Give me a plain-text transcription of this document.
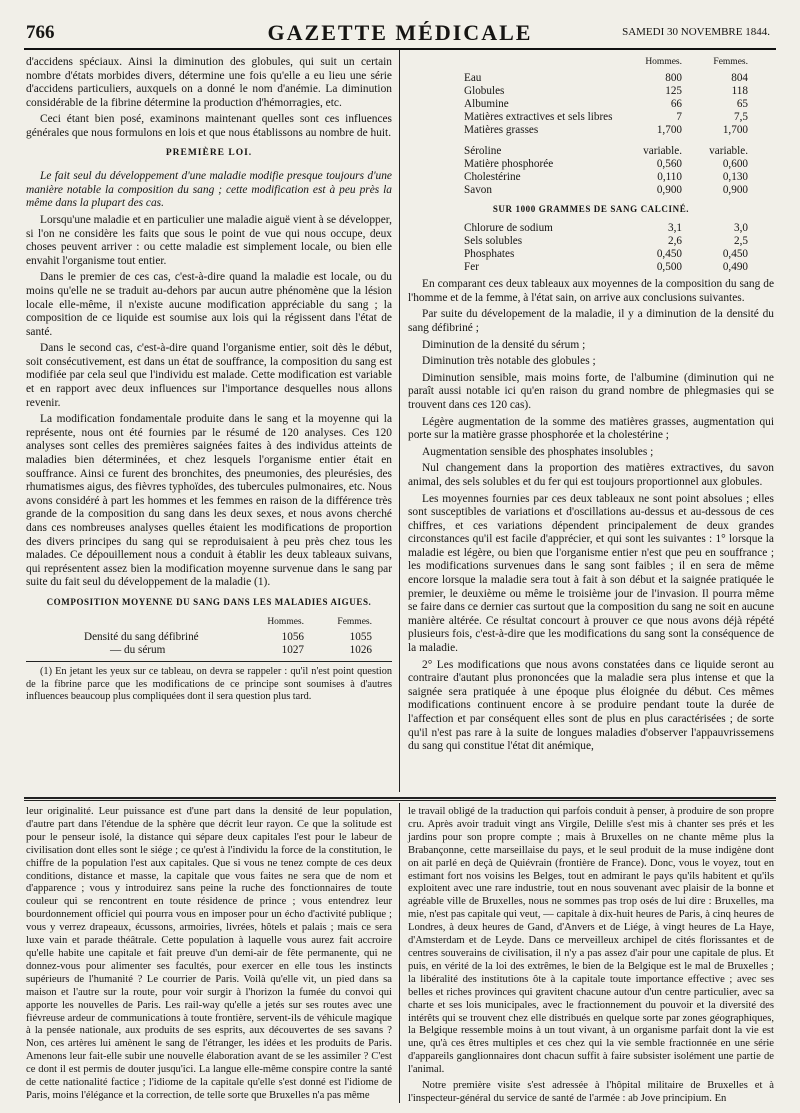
766	GAZETTE MÉDICALE	SAMEDI 30 NOVEMBRE 1844.

d'accidens spéciaux. Ainsi la diminution des globules, qui suit un certain nombre d'états morbides divers, détermine une fois qu'elle a eu lieu une série d'accidens particuliers, auxquels on a donné le nom d'anémie. La diminution considérable de la fibrine détermine la production d'hémorragies, etc.

Ceci étant bien posé, examinons maintenant quelles sont ces influences générales que nous formulons en lois et que nous établissons au nombre de huit.

PREMIÈRE LOI.

Le fait seul du développement d'une maladie modifie presque toujours d'une manière notable la composition du sang ; cette modification est à peu près la même dans la plupart des cas.

Lorsqu'une maladie et en particulier une maladie aiguë vient à se développer, si l'on ne considère les faits que sous le point de vue qui nous occupe, deux choses peuvent arriver : ou cette maladie est simplement locale, ou bien elle envahit l'organisme tout entier.

Dans le premier de ces cas, c'est-à-dire quand la maladie est locale, ou du moins qu'elle ne se traduit au-dehors par aucun autre phénomène que la lésion locale elle-même, il n'existe aucune modification appréciable du sang ; la composition de ce liquide est soumise aux lois qui la régissent dans l'état de santé.

Dans le second cas, c'est-à-dire quand l'organisme entier, soit dès le début, soit consécutivement, est dans un état de souffrance, la composition du sang est modifiée par cela seul que l'individu est malade. Cette modification est variable et en rapport avec deux influences sur l'importance desquelles nous allons revenir.

La modification fondamentale produite dans le sang et la moyenne qui la représente, nous ont été fournies par le résumé de 120 analyses. Ces 120 analyses sont celles des premières saignées faites à des individus atteints de maladies bien déterminées, et chez lesquels l'organisme entier était en souffrance. Ainsi ce furent des bronchites, des pneumonies, des pleurésies, des rhumatismes aigus, des fièvres typhoïdes, des tubercules pulmonaires, etc. Nous avons considéré à part les hommes et les femmes en raison de la différence très grande de la composition du sang dans les deux sexes, et nous avons cherché dans ces nombreuses analyses quelles étaient les modifications de proportion des divers principes du sang qui se reproduisaient à peu près chez tous les malades. Ce dépouillement nous a conduit à établir les deux tableaux suivans, qui représentent assez bien la modification moyenne survenue dans le sang par suite du fait seul du développement de la maladie (1).

COMPOSITION MOYENNE DU SANG DANS LES MALADIES AIGUES.
	Hommes.	Femmes.
Densité du sang défibriné	1056	1055
— du sérum	1027	1026

(1) En jetant les yeux sur ce tableau, on devra se rappeler : qu'il n'est point question de la fibrine parce que les modifications de ce principe sont soumises à d'autres influences beaucoup plus compliquées dont il sera question plus tard.

	Hommes.	Femmes.
Eau	800	804
Globules	125	118
Albumine	66	65
Matières extractives et sels libres	7	7,5
Matières grasses	1,700	1,700
Séroline	variable.	variable.
Matière phosphorée	0,560	0,600
Cholestérine	0,110	0,130
Savon	0,900	0,900
SUR 1000 GRAMMES DE SANG CALCINÉ.
Chlorure de sodium	3,1	3,0
Sels solubles	2,6	2,5
Phosphates	0,450	0,450
Fer	0,500	0,490

En comparant ces deux tableaux aux moyennes de la composition du sang de l'homme et de la femme, à l'état sain, on arrive aux conclusions suivantes.

Par suite du dévelopement de la maladie, il y a diminution de la densité du sang défibriné ;

Diminution de la densité du sérum ;

Diminution très notable des globules ;

Diminution sensible, mais moins forte, de l'albumine (diminution qui ne paraît aussi notable ici qu'en raison du grand nombre de phlegmasies qui se trouvent dans ces 120 cas).

Légère augmentation de la somme des matières grasses, augmentation qui porte sur la matière grasse phosphorée et la cholestérine ;

Augmentation sensible des phosphates insolubles ;

Nul changement dans la proportion des matières extractives, du savon animal, des sels solubles et du fer qui est toujours proportionnel aux globules.

Les moyennes fournies par ces deux tableaux ne sont point absolues ; elles sont susceptibles de variations et d'oscillations au-dessus et au-dessous de ces chiffres, et ces variations dépendent principalement de deux grandes circonstances qu'il est facile d'apprécier, et qui sont les suivantes : 1° lorsque la maladie est légère, ou bien que l'organisme entier n'est que peu en souffrance ; les modifications survenues dans le sang sont faibles ; il en sera de même encore lorsque la maladie sera tout à fait à son début et la saignée pratiquée le premier, le deuxième ou même le troisième jour de l'invasion. Il pourra même se faire dans ce dernier cas surtout que la composition du sang ne soit en aucune manière altérée. Ce résultat concourt à prouver ce que nous avons déjà répété plusieurs fois, c'est-à-dire que les modifications du sang sont la conséquence de la maladie.

2° Les modifications que nous avons constatées dans ce liquide seront au contraire d'autant plus prononcées que la maladie sera plus intense et que la saignée sera pratiquée à une époque plus éloignée du début. Ces mêmes modifications continuent encore à se produire pendant toute la durée de l'affection et par conséquent elles sont de plus en plus caractérisées ; de sorte qu'il n'est pas rare à la suite de longues maladies d'observer l'appauvrissemens du sang qui constitue l'état dit anémique,

leur originalité. Leur puissance est d'une part dans la densité de leur population, d'autre part dans l'étendue de la sphère que décrit leur rayon. Ce que la solitude est pour le penseur isolé, la distance qui sépare deux capitales l'est pour le labeur de civilisation dont elles sont le siége ; ce qu'est à l'individu la force de la constitution, le chiffre de la population l'est aux capitales. Que si vous ne tenez compte de ces deux conditions, distance et masse, la capitale que vous faites ne sera que de nom et d'apparence ; vous y introduirez sans peine la ruche des fonctionnaires de toute couleur qui se rencontrent en toute résidence de prince ; vous entendrez leur bourdonnement officiel qui pourra vous en imposer pour un écho d'activité publique ; vous y verrez drapeaux, écussons, armoiries, livrées, hôtels et palais ; mais ce sera luxe vain et parade théâtrale. Cette population à laquelle vous aurez fait accroire qu'elle habite une capitale et fait preuve d'un demi-air de fête permanente, qui ne donnez-vous pour alimenter ses facultés, pour exercer en elle tous les instincts supérieurs de l'humanité ? Le courrier de Paris. Voilà qu'elle vit, un pied dans sa maison et l'autre sur la route, pour voir surgir à l'horizon la fumée du convoi qui apporte les nouvelles de Paris. Les rail-way qu'elle a jetés sur ses routes avec une fiévreuse ardeur de communications à toute frontière, servent-ils de véhicule magique à la pensée nationale, aux produits de ses esprits, aux découvertes de ses savans ? Non, ces artères lui amènent le sang de l'étranger, les idées et les produits de Paris. Amenons leur fait-elle subir une nouvelle élaboration avant de se les assimiler ? C'est ce dont il est permis de douter jusqu'ici. La langue elle-même conspire contre la santé de cette nationalité factice ; l'idiome de la capitale qu'elle s'est donné est l'idiome de Paris, moins l'élégance et la correction, de telle sorte que Bruxelles n'a pas même

le travail obligé de la traduction qui parfois conduit à penser, à produire de son propre cru. Après avoir traduit vingt ans Virgile, Delille s'est mis à chanter ses prés et les jardins pour son propre compte ; mais à Bruxelles on ne chante même plus la Brabançonne, cette marseillaise du pays, et le seul produit de la muse indigène dont on ait parlé en deçà de Quiévrain (frontière de France). Donc, vous le voyez, tout en estimant fort nos voisins les Belges, tout en admirant le pays qu'ils habitent et qu'ils exploitent avec une rare industrie, tout en nous souvenant avec plaisir de la bonne et agréable ville de Bruxelles, nous ne sommes pas trop osés de lui dire : Bruxelles, ma mie, n'est pas capitale qui veut, — capitale à dix-huit heures de Paris, à cinq heures de Londres, à deux heures de Gand, d'Anvers et de Liége, à vingt heures de La Haye, d'Amsterdam et de Leyde. Dans ce merveilleux archipel de cités florissantes et de centres souverains de civilisation, il n'y a pas assez d'air pour une capitale de plus. Et puis, en vérité de la loi des extrêmes, le bien de la Belgique est le mal de Bruxelles ; la libéralité des institutions ôte à la capitale toute importance effective ; avec ses belles et riches provinces qui gravitent chacune autour d'un centre particulier, avec sa charte et ses lois municipales, avec le fractionnement du pouvoir et la diversité des intérêts qui se trouvent chez elle distribués en quelque sorte par zones géographiques, la Belgique ressemble moins à un tout vivant, à un organisme parfait dont la vie est une, qu'à ces êtres multiples et ces chez qui la vie semble fractionnée en une série d'appareils ganglionnaires dont chacun suffit à faire subsister isolément une partie de l'animal.

Notre première visite s'est adressée à l'hôpital militaire de Bruxelles et à l'inspecteur-général du service de santé de l'armée : ab Jove principium. En
